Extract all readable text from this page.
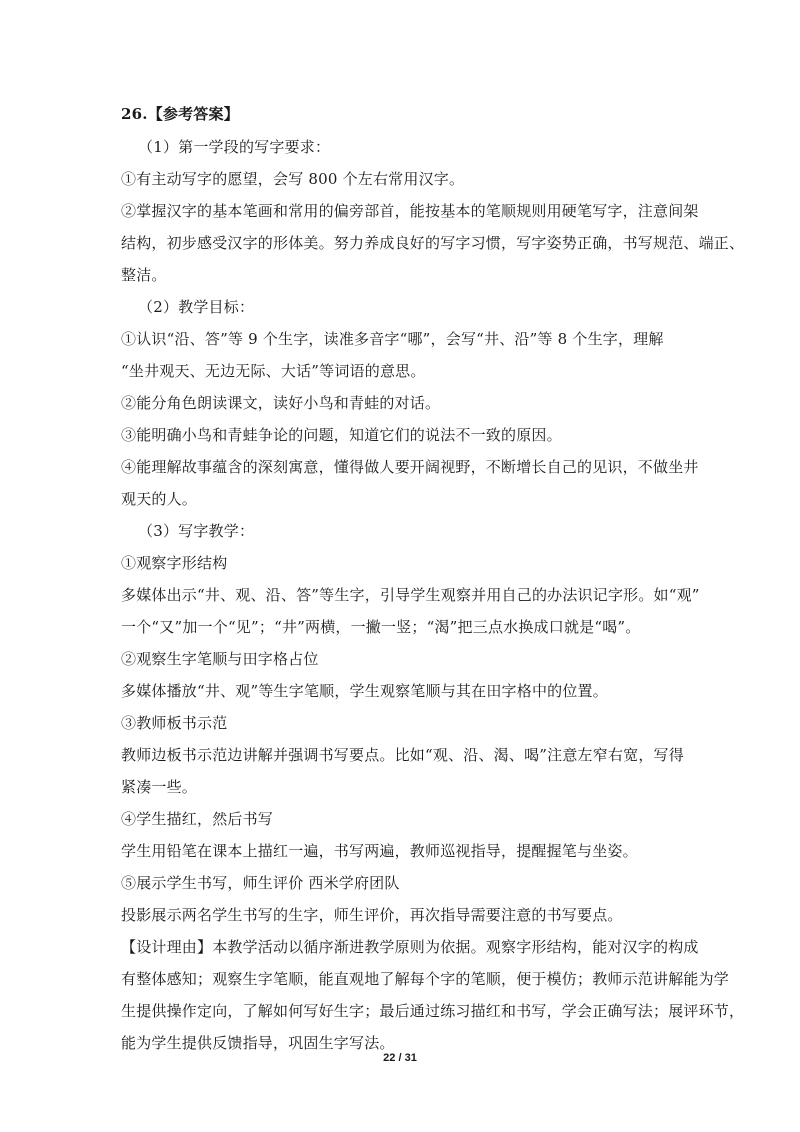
26.【参考答案】
（1）第一学段的写字要求：
①有主动写字的愿望，会写 800 个左右常用汉字。
②掌握汉字的基本笔画和常用的偏旁部首，能按基本的笔顺规则用硬笔写字，注意间架
结构，初步感受汉字的形体美。努力养成良好的写字习惯，写字姿势正确，书写规范、端正、
整洁。
（2）教学目标：
①认识“沿、答”等 9 个生字，读准多音字“哪”，会写“井、沿”等 8 个生字，理解
“坐井观天、无边无际、大话”等词语的意思。
②能分角色朗读课文，读好小鸟和青蛙的对话。
③能明确小鸟和青蛙争论的问题，知道它们的说法不一致的原因。
④能理解故事蕴含的深刻寓意，懂得做人要开阔视野，不断增长自己的见识，不做坐井
观天的人。
（3）写字教学：
①观察字形结构
多媒体出示“井、观、沿、答”等生字，引导学生观察并用自己的办法识记字形。如“观”
一个“又”加一个“见”；“井”两横，一撇一竖；“渴”把三点水换成口就是“喝”。
②观察生字笔顺与田字格占位
多媒体播放“井、观”等生字笔顺，学生观察笔顺与其在田字格中的位置。
③教师板书示范
教师边板书示范边讲解并强调书写要点。比如“观、沿、渴、喝”注意左窄右宽，写得
紧凑一些。
④学生描红，然后书写
学生用铅笔在课本上描红一遍，书写两遍，教师巡视指导，提醒握笔与坐姿。
⑤展示学生书写，师生评价 西米学府团队
投影展示两名学生书写的生字，师生评价，再次指导需要注意的书写要点。
【设计理由】本教学活动以循序渐进教学原则为依据。观察字形结构，能对汉字的构成
有整体感知；观察生字笔顺，能直观地了解每个字的笔顺，便于模仿；教师示范讲解能为学
生提供操作定向，了解如何写好生字；最后通过练习描红和书写，学会正确写法；展评环节，
能为学生提供反馈指导，巩固生字写法。
22 / 31
